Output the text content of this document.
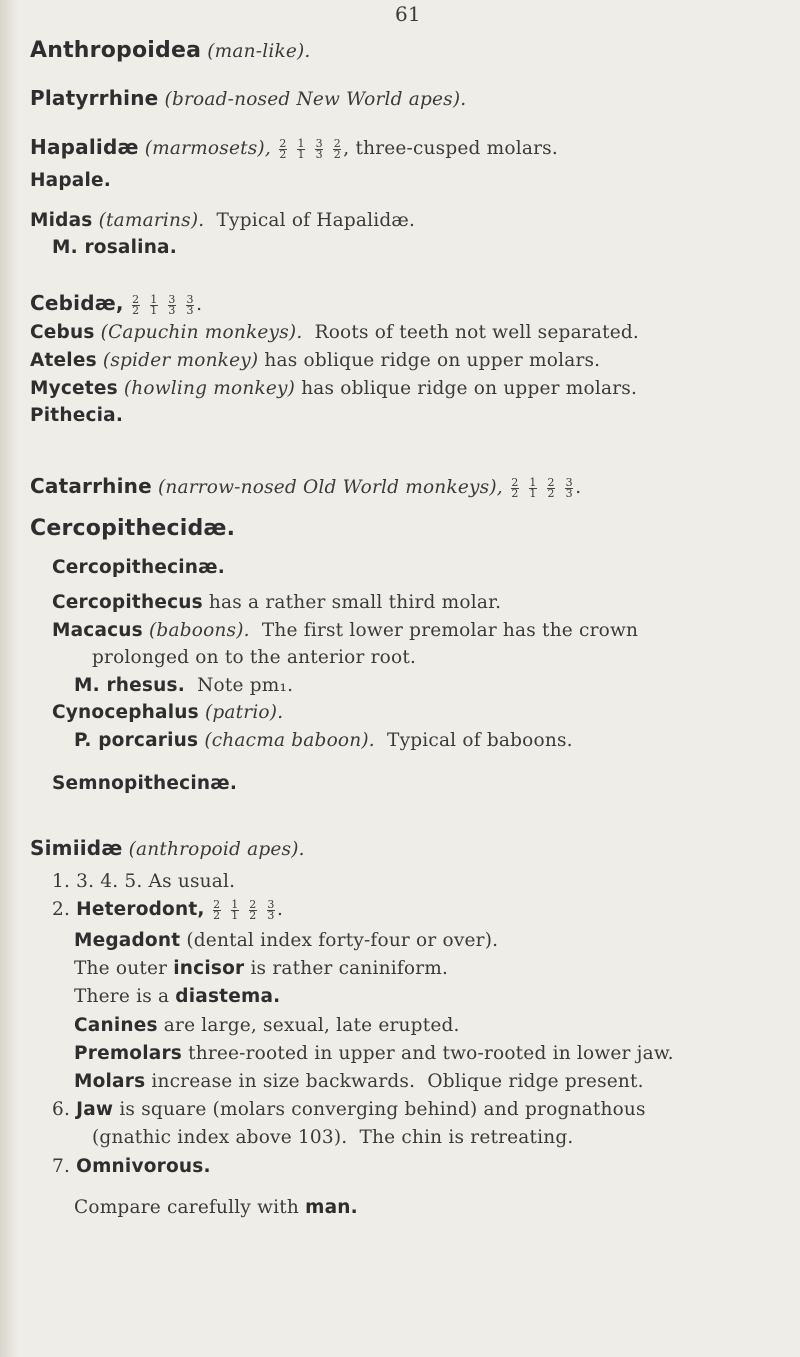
61
Anthropoidea (man-like).
Platyrrhine (broad-nosed New World apes).
Hapalidæ (marmosets), $\frac{2}{2}$
$\frac{1}{1}$
$\frac{3}{3}$
$\frac{2}{2}$ , three-cusped molars.
Hapale.
Midas (tamarins). Typical of Hapalidæ.
M. rosalina.
Cebidæ, $\frac{2}{2}$
$\frac{1}{1}$
$\frac{3}{3}$
$\frac{3}{3}$ .
Cebus (Capuchin monkeys). Roots of teeth not well separated.
Ateles (spider monkey) has oblique ridge on upper molars.
Mycetes (howling monkey) has oblique ridge on upper molars.
Pithecia.
Catarrhine (narrow-nosed Old World monkeys), $\frac{2}{2}$
$\frac{1}{1}$
$\frac{2}{2}$
$\frac{3}{3}$ .
Cercopithecidæ.
Cercopithecinæ.
Cercopithecus has a rather small third molar.
Macacus (baboons). The first lower premolar has the crown
prolonged on to the anterior root.
M. rhesus. Note pm₁.
Cynocephalus (patrio).
P. porcarius (chacma baboon). Typical of baboons.
Semnopithecinæ.
Simiidæ (anthropoid apes).
1. 3. 4. 5. As usual.
2. Heterodont, $\frac{2}{2}$
$\frac{1}{1}$
$\frac{2}{2}$
$\frac{3}{3}$ .
Megadont (dental index forty-four or over).
The outer incisor is rather caniniform.
There is a diastema.
Canines are large, sexual, late erupted.
Premolars three-rooted in upper and two-rooted in lower jaw.
Molars increase in size backwards.  Oblique ridge present.
6. Jaw is square (molars converging behind) and prognathous
(gnathic index above 103).  The chin is retreating.
7. Omnivorous.
Compare carefully with man.
